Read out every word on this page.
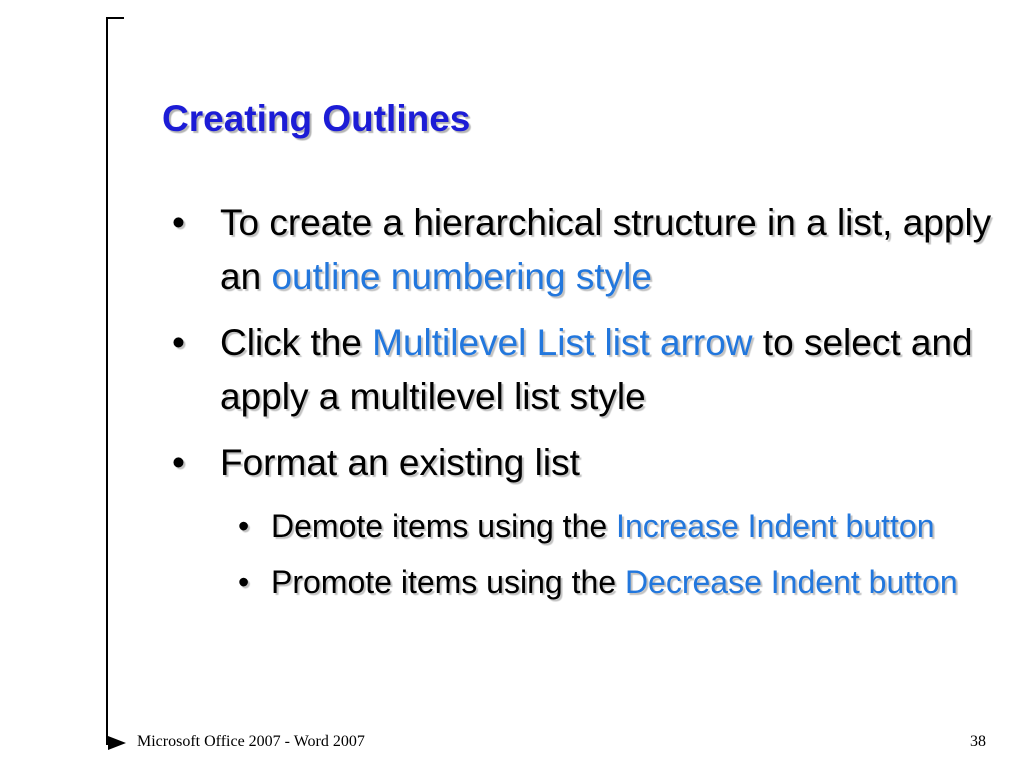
Creating Outlines
• To create a hierarchical structure in a list, apply an outline numbering style
• Click the Multilevel List list arrow to select and apply a multilevel list style
• Format an existing list
• Demote items using the Increase Indent button
• Promote items using the Decrease Indent button
Microsoft Office 2007 - Word 2007	38
